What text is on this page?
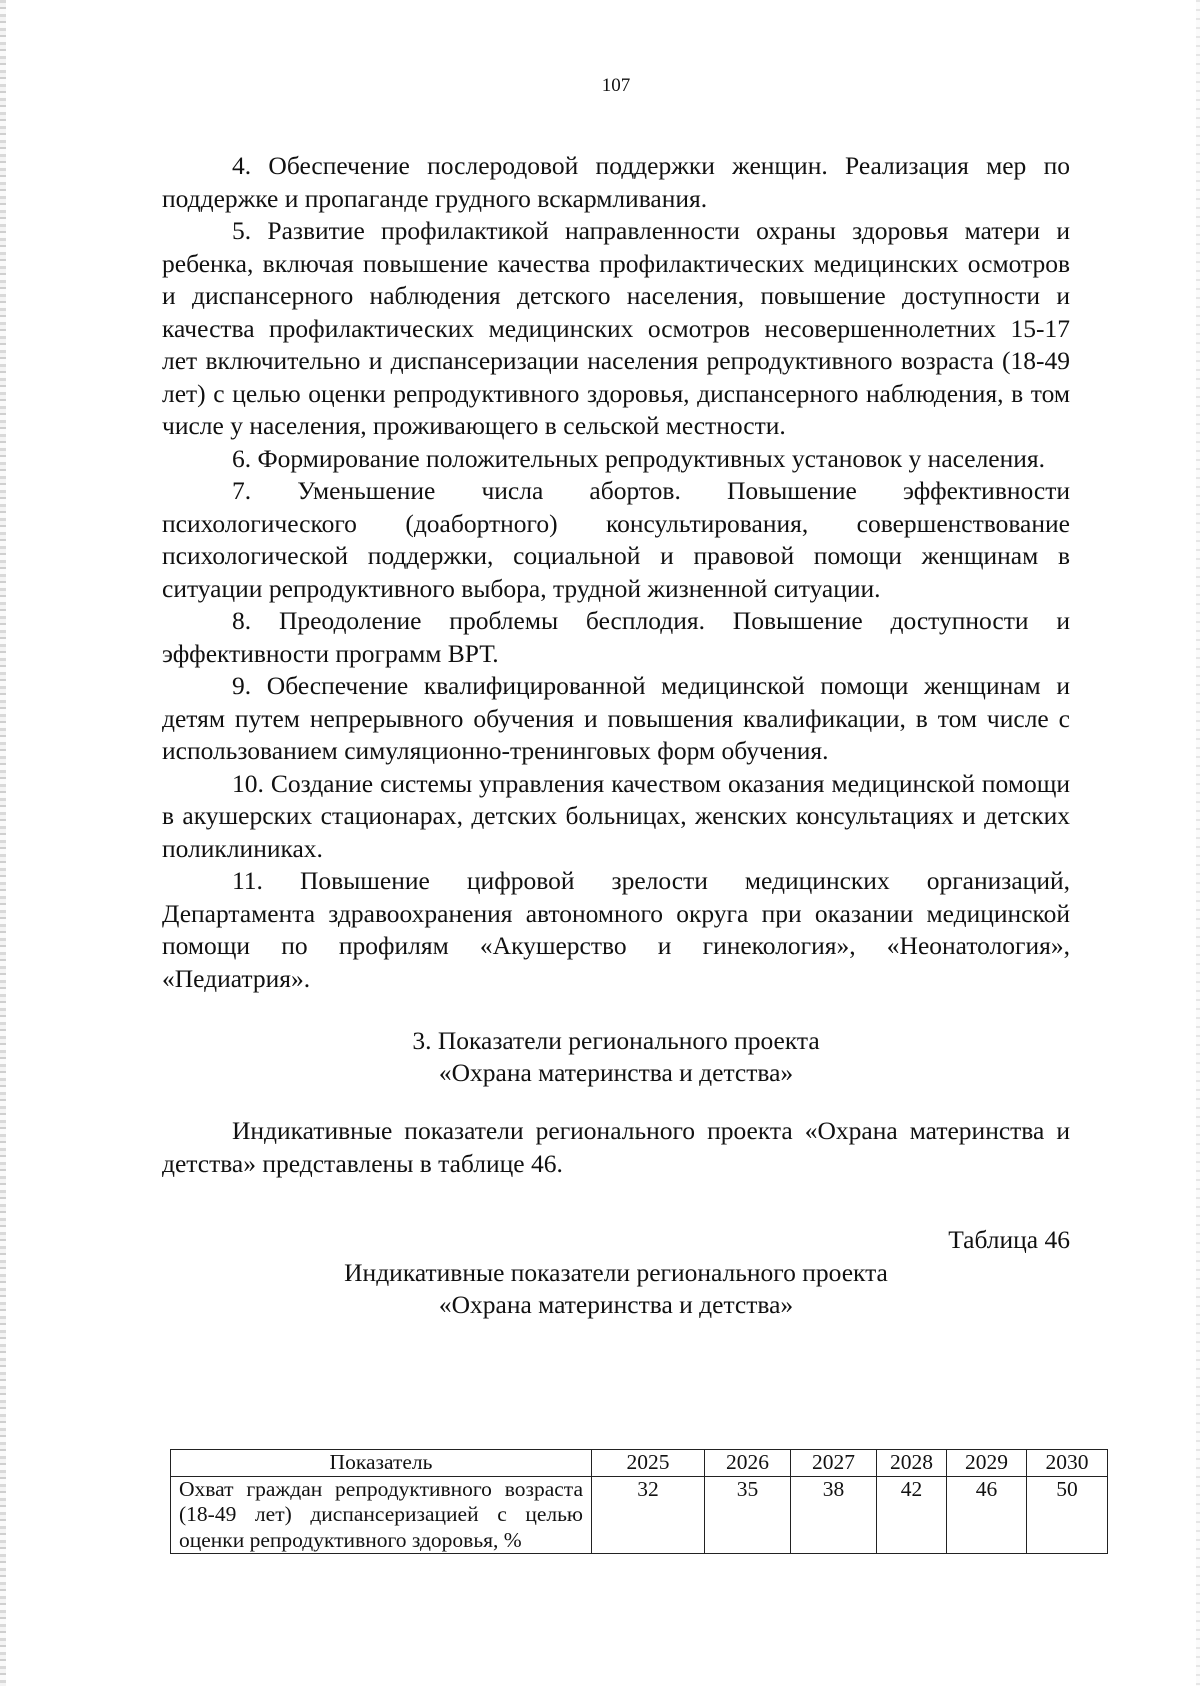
107

4. Обеспечение послеродовой поддержки женщин. Реализация мер по поддержке и пропаганде грудного вскармливания.

5. Развитие профилактикой направленности охраны здоровья матери и ребенка, включая повышение качества профилактических медицинских осмотров и диспансерного наблюдения детского населения, повышение доступности и качества профилактических медицинских осмотров несовершеннолетних 15-17 лет включительно и диспансеризации населения репродуктивного возраста (18-49 лет) с целью оценки репродуктивного здоровья, диспансерного наблюдения, в том числе у населения, проживающего в сельской местности.

6. Формирование положительных репродуктивных установок у населения.

7. Уменьшение числа абортов. Повышение эффективности психологического (доабортного) консультирования, совершенствование психологической поддержки, социальной и правовой помощи женщинам в ситуации репродуктивного выбора, трудной жизненной ситуации.

8. Преодоление проблемы бесплодия. Повышение доступности и эффективности программ ВРТ.

9. Обеспечение квалифицированной медицинской помощи женщинам и детям путем непрерывного обучения и повышения квалификации, в том числе с использованием симуляционно-тренинговых форм обучения.

10. Создание системы управления качеством оказания медицинской помощи в акушерских стационарах, детских больницах, женских консультациях и детских поликлиниках.

11. Повышение цифровой зрелости медицинских организаций, Департамента здравоохранения автономного округа при оказании медицинской помощи по профилям «Акушерство и гинекология», «Неонатология», «Педиатрия».

3. Показатели регионального проекта
«Охрана материнства и детства»

Индикативные показатели регионального проекта «Охрана материнства и детства» представлены в таблице 46.

Таблица 46
Индикативные показатели регионального проекта
«Охрана материнства и детства»
Показатель	2025	2026	2027	2028	2029	2030
Охват граждан репродуктивного возраста (18-49 лет) диспансеризацией с целью оценки репродуктивного здоровья, %	32	35	38	42	46	50
